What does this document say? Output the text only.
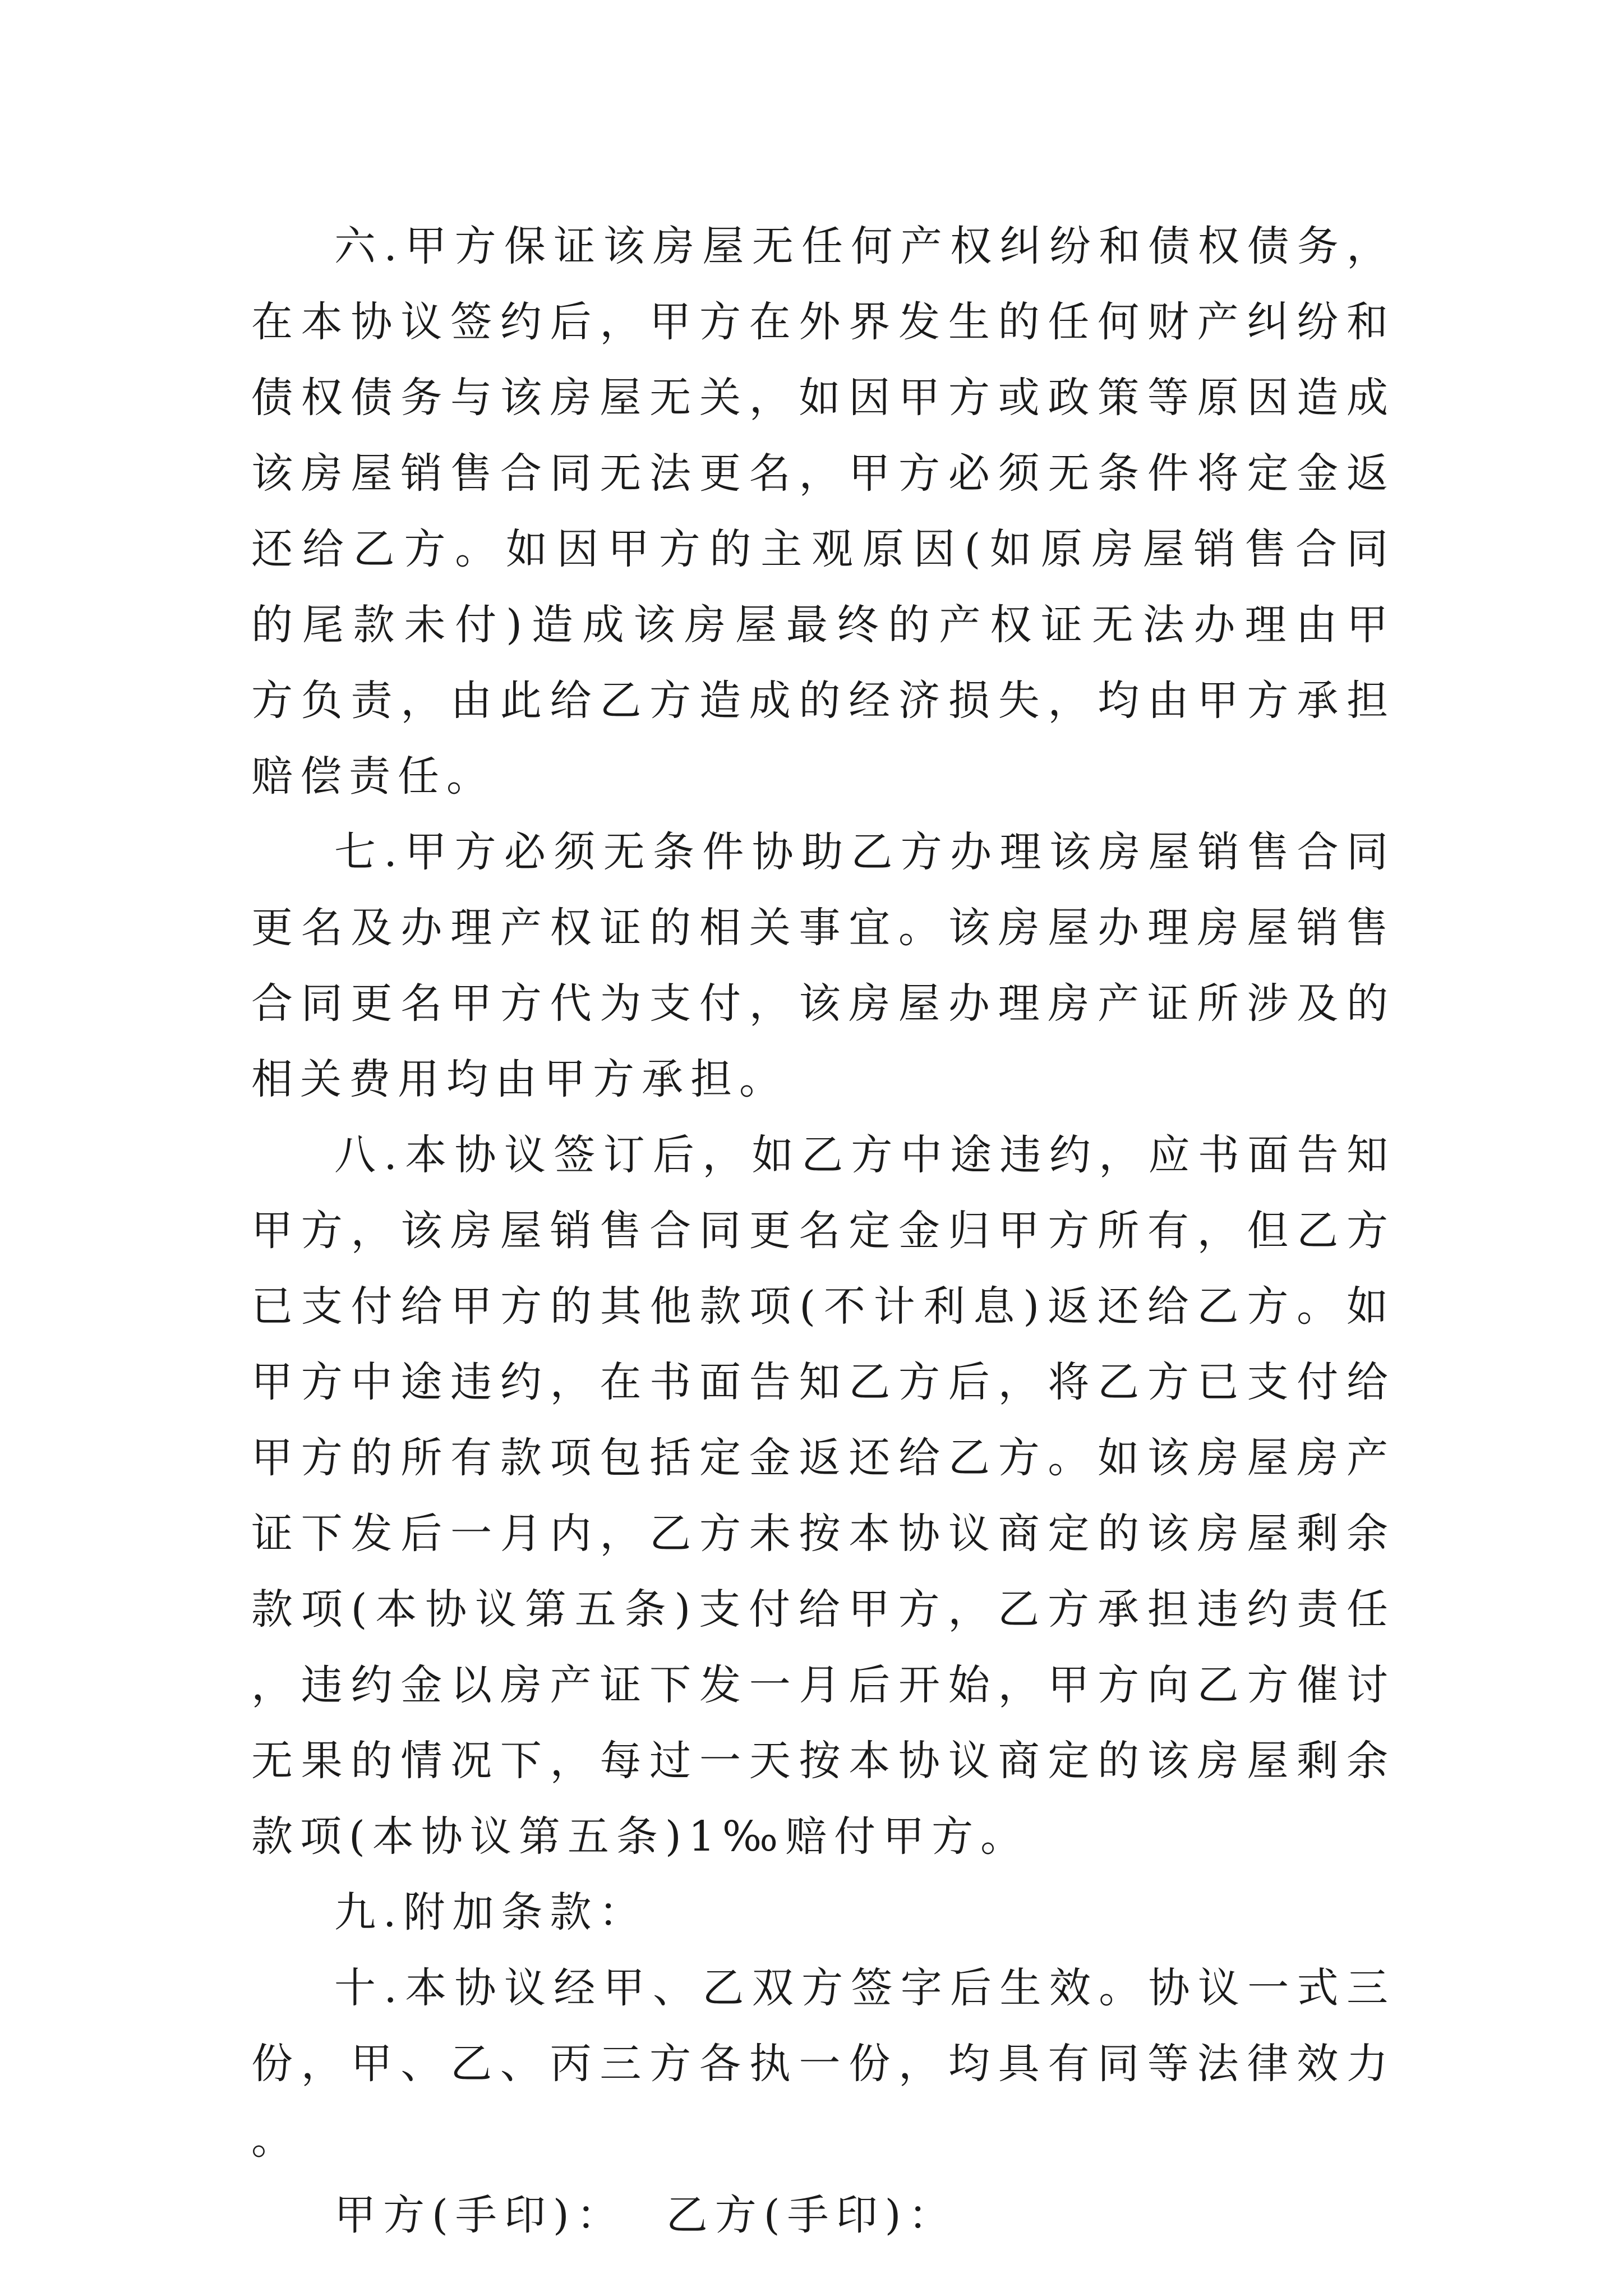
六.甲方保证该房屋无任何产权纠纷和债权债务，在本协议签约后，甲方在外界发生的任何财产纠纷和债权债务与该房屋无关，如因甲方或政策等原因造成该房屋销售合同无法更名，甲方必须无条件将定金返还给乙方。如因甲方的主观原因(如原房屋销售合同的尾款未付)造成该房屋最终的产权证无法办理由甲方负责，由此给乙方造成的经济损失，均由甲方承担赔偿责任。

七.甲方必须无条件协助乙方办理该房屋销售合同更名及办理产权证的相关事宜。该房屋办理房屋销售合同更名甲方代为支付，该房屋办理房产证所涉及的相关费用均由甲方承担。

八.本协议签订后，如乙方中途违约，应书面告知甲方，该房屋销售合同更名定金归甲方所有，但乙方已支付给甲方的其他款项(不计利息)返还给乙方。如甲方中途违约，在书面告知乙方后，将乙方已支付给甲方的所有款项包括定金返还给乙方。如该房屋房产证下发后一月内，乙方未按本协议商定的该房屋剩余款项(本协议第五条)支付给甲方，乙方承担违约责任，违约金以房产证下发一月后开始，甲方向乙方催讨无果的情况下，每过一天按本协议商定的该房屋剩余款项(本协议第五条)1‰赔付甲方。

九.附加条款：

十.本协议经甲、乙双方签字后生效。协议一式三份，甲、乙、丙三方各执一份，均具有同等法律效力。

甲方(手印)：  乙方(手印)：
